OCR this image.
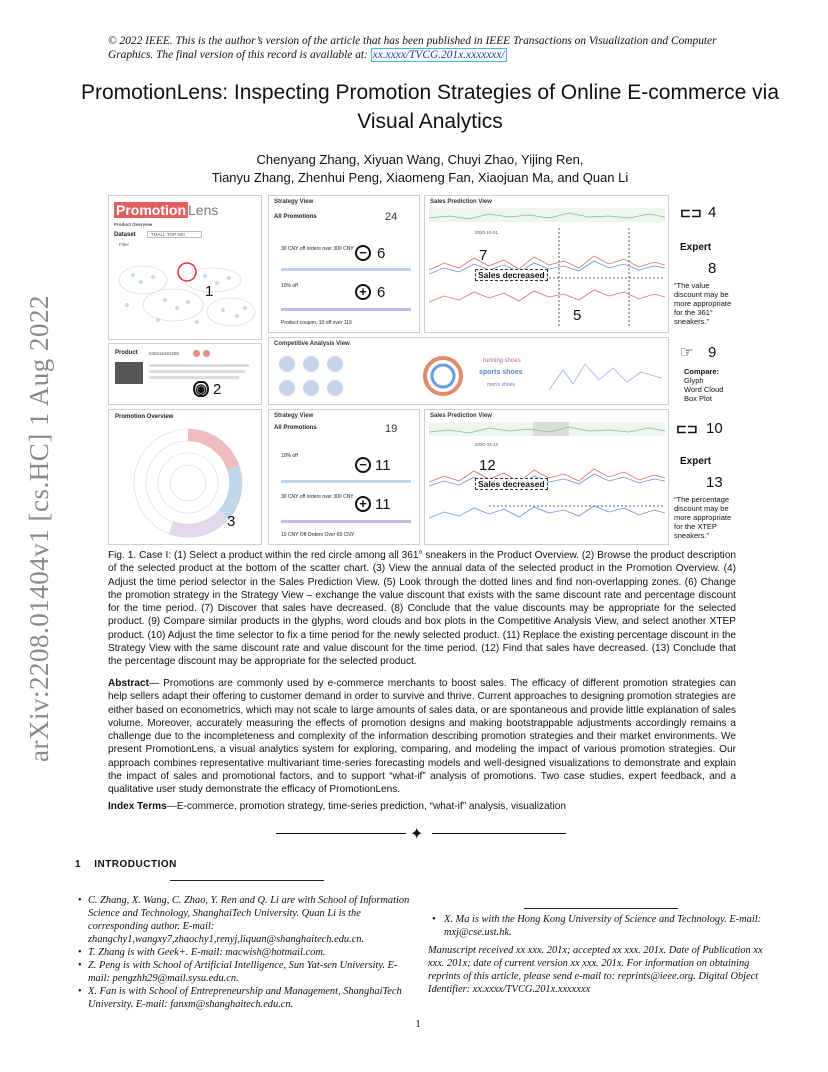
© 2022 IEEE. This is the author’s version of the article that has been published in IEEE Transactions on Visualization and Computer Graphics. The final version of this record is available at: xx.xxxx/TVCG.201x.xxxxxxx/
PromotionLens: Inspecting Promotion Strategies of Online E-commerce via Visual Analytics
Chenyang Zhang, Xiyuan Wang, Chuyi Zhao, Yijing Ren,
Tianyu Zhang, Zhenhui Peng, Xiaomeng Fan, Xiaojuan Ma, and Quan Li
arXiv:2208.01404v1 [cs.HC] 1 Aug 2022
Promotion Lens
Product Overview
Dataset	TMALL-TOP 500
Filter
1
Product	536616451288
◉ 2
Promotion Overview
3
Strategy View
All Promotions	24
30 CNY off orders over 300 CNY
10% off
Product coupon, 10 off over 119
− 6
+ 6
Sales Prediction View
2020-10-01
7
Sales decreased
5
⊏⊐ 4
Expert
8
“The value discount may be more appropriate for the 361° sneakers.”
Competitive Analysis View
running shoes
sports shoes
men's shoes
☞ 9
Compare:
Glyph
Word Cloud
Box Plot
Strategy View
All Promotions	19
10% off
30 CNY off orders over 300 CNY
10 CNY Off Orders Over 69 CNY
− 11
+ 11
Sales Prediction View
2020-03-13
12
Sales decreased
⊏⊐ 10
Expert
13
“The percentage discount may be more appropriate for the XTEP sneakers.”
Fig. 1. Case I: (1) Select a product within the red circle among all 361° sneakers in the Product Overview. (2) Browse the product description of the selected product at the bottom of the scatter chart. (3) View the annual data of the selected product in the Promotion Overview. (4) Adjust the time period selector in the Sales Prediction View. (5) Look through the dotted lines and find non-overlapping zones. (6) Change the promotion strategy in the Strategy View – exchange the value discount that exists with the same discount rate and percentage discount for the time period. (7) Discover that sales have decreased. (8) Conclude that the value discounts may be appropriate for the selected product. (9) Compare similar products in the glyphs, word clouds and box plots in the Competitive Analysis View, and select another XTEP product. (10) Adjust the time selector to fix a time period for the newly selected product. (11) Replace the existing percentage discount in the Strategy View with the same discount rate and value discount for the time period. (12) Find that sales have decreased. (13) Conclude that the percentage discount may be appropriate for the selected product.
Abstract— Promotions are commonly used by e-commerce merchants to boost sales. The efficacy of different promotion strategies can help sellers adapt their offering to customer demand in order to survive and thrive. Current approaches to designing promotion strategies are either based on econometrics, which may not scale to large amounts of sales data, or are spontaneous and provide little explanation of sales volume. Moreover, accurately measuring the effects of promotion designs and making bootstrappable adjustments accordingly remains a challenge due to the incompleteness and complexity of the information describing promotion strategies and their market environments. We present PromotionLens, a visual analytics system for exploring, comparing, and modeling the impact of various promotion strategies. Our approach combines representative multivariant time-series forecasting models and well-designed visualizations to demonstrate and explain the impact of sales and promotional factors, and to support “what-if” analysis of promotions. Two case studies, expert feedback, and a qualitative user study demonstrate the efficacy of PromotionLens.
Index Terms—E-commerce, promotion strategy, time-series prediction, “what-if” analysis, visualization
✦
1 INTRODUCTION
• C. Zhang, X. Wang, C. Zhao, Y. Ren and Q. Li are with School of Information Science and Technology, ShanghaiTech University. Quan Li is the corresponding author. E-mail: zhangchy1,wangxy7,zhaochy1,renyj,liquan@shanghaitech.edu.cn.
• T. Zhang is with Geek+. E-mail: macwish@hotmail.com.
• Z. Peng is with School of Artificial Intelligence, Sun Yat-sen University. E-mail: pengzhh29@mail.sysu.edu.cn.
• X. Fan is with School of Entrepreneurship and Management, ShanghaiTech University. E-mail: fanxm@shanghaitech.edu.cn.
• X. Ma is with the Hong Kong University of Science and Technology. E-mail: mxj@cse.ust.hk.
Manuscript received xx xxx. 201x; accepted xx xxx. 201x. Date of Publication xx xxx. 201x; date of current version xx xxx. 201x. For information on obtaining reprints of this article, please send e-mail to: reprints@ieee.org. Digital Object Identifier: xx.xxxx/TVCG.201x.xxxxxxx
1
